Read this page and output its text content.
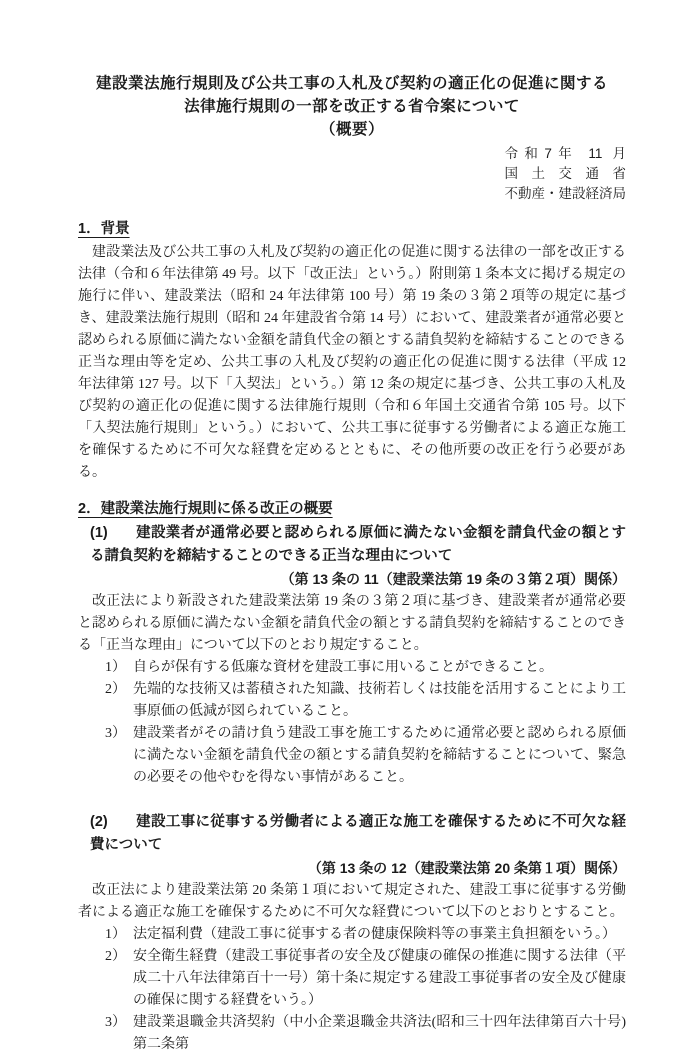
建設業法施行規則及び公共工事の入札及び契約の適正化の促進に関する
法律施行規則の一部を改正する省令案について
（概要）
令和7年 11 月
国土交通省
不動産・建設経済局
1．背景

建設業法及び公共工事の入札及び契約の適正化の促進に関する法律の一部を改正する法律（令和６年法律第 49 号。以下「改正法」という。）附則第１条本文に掲げる規定の施行に伴い、建設業法（昭和 24 年法律第 100 号）第 19 条の３第２項等の規定に基づき、建設業法施行規則（昭和 24 年建設省令第 14 号）において、建設業者が通常必要と認められる原価に満たない金額を請負代金の額とする請負契約を締結することのできる正当な理由等を定め、公共工事の入札及び契約の適正化の促進に関する法律（平成 12 年法律第 127 号。以下「入契法」という。）第 12 条の規定に基づき、公共工事の入札及び契約の適正化の促進に関する法律施行規則（令和６年国土交通省令第 105 号。以下「入契法施行規則」という。）において、公共工事に従事する労働者による適正な施工を確保するために不可欠な経費を定めるとともに、その他所要の改正を行う必要がある。

2．建設業法施行規則に係る改正の概要
(1) 建設業者が通常必要と認められる原価に満たない金額を請負代金の額とする請負契約を締結することのできる正当な理由について
（第 13 条の 11（建設業法第 19 条の３第２項）関係）

改正法により新設された建設業法第 19 条の３第２項に基づき、建設業者が通常必要と認められる原価に満たない金額を請負代金の額とする請負契約を締結することのできる「正当な理由」について以下のとおり規定すること。

1） 自らが保有する低廉な資材を建設工事に用いることができること。
2） 先端的な技術又は蓄積された知識、技術若しくは技能を活用することにより工事原価の低減が図られていること。
3） 建設業者がその請け負う建設工事を施工するために通常必要と認められる原価に満たない金額を請負代金の額とする請負契約を締結することについて、緊急の必要その他やむを得ない事情があること。
(2) 建設工事に従事する労働者による適正な施工を確保するために不可欠な経費について
（第 13 条の 12（建設業法第 20 条第１項）関係）

改正法により建設業法第 20 条第１項において規定された、建設工事に従事する労働者による適正な施工を確保するために不可欠な経費について以下のとおりとすること。

1） 法定福利費（建設工事に従事する者の健康保険料等の事業主負担額をいう。）
2） 安全衛生経費（建設工事従事者の安全及び健康の確保の推進に関する法律（平成二十八年法律第百十一号）第十条に規定する建設工事従事者の安全及び健康の確保に関する経費をいう。）
3） 建設業退職金共済契約（中小企業退職金共済法(昭和三十四年法律第百六十号)第二条第
